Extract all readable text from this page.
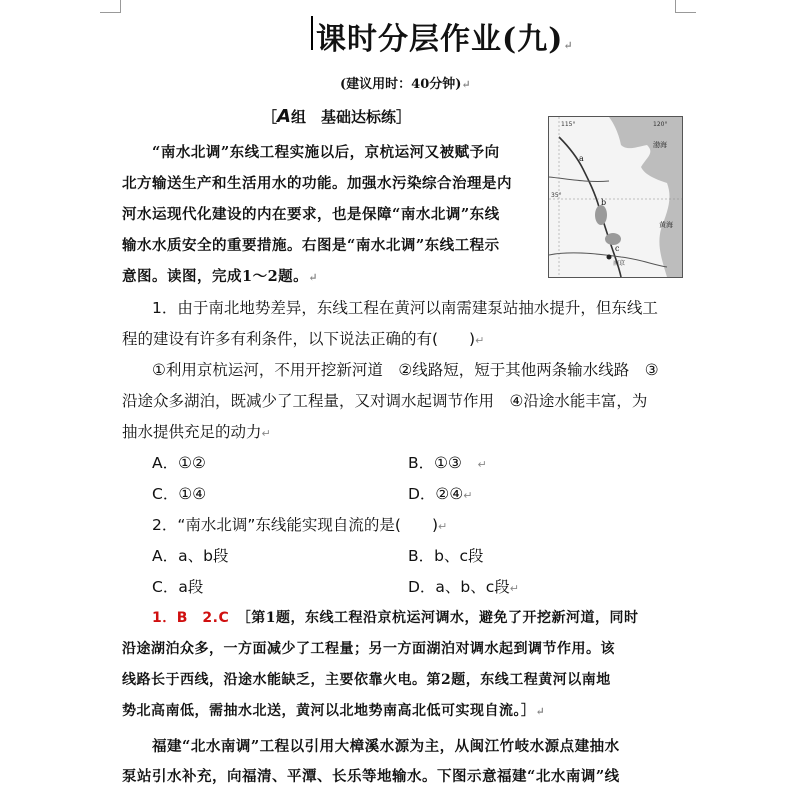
课时分层作业(九)↵
(建议用时：40分钟)↵
［A组　基础达标练］
“南水北调”东线工程实施以后，京杭运河又被赋予向
北方输送生产和生活用水的功能。加强水污染综合治理是内
河水运现代化建设的内在要求，也是保障“南水北调”东线
输水水质安全的重要措施。右图是“南水北调”东线工程示
意图。读图，完成1～2题。↵
115°	120°
35°
渤海
黄海
南京
a
b
c
1．由于南北地势差异，东线工程在黄河以南需建泵站抽水提升，但东线工
程的建设有许多有利条件，以下说法正确的有(　　)↵
①利用京杭运河，不用开挖新河道　②线路短，短于其他两条输水线路　③
沿途众多湖泊，既减少了工程量，又对调水起调节作用　④沿途水能丰富，为
抽水提供充足的动力↵
A．①②	B．①③　 ↵
C．①④	D．②④↵
2．“南水北调”东线能实现自流的是(　　)↵
A．a、b段	B．b、c段
C．a段	D．a、b、c段↵
1．B　2.C　 ［第1题，东线工程沿京杭运河调水，避免了开挖新河道，同时
沿途湖泊众多，一方面减少了工程量；另一方面湖泊对调水起到调节作用。该
线路长于西线，沿途水能缺乏，主要依靠火电。第2题，东线工程黄河以南地
势北高南低，需抽水北送，黄河以北地势南高北低可实现自流。］↵
福建“北水南调”工程以引用大樟溪水源为主，从闽江竹岐水源点建抽水
泵站引水补充，向福清、平潭、长乐等地输水。下图示意福建“北水南调”线
